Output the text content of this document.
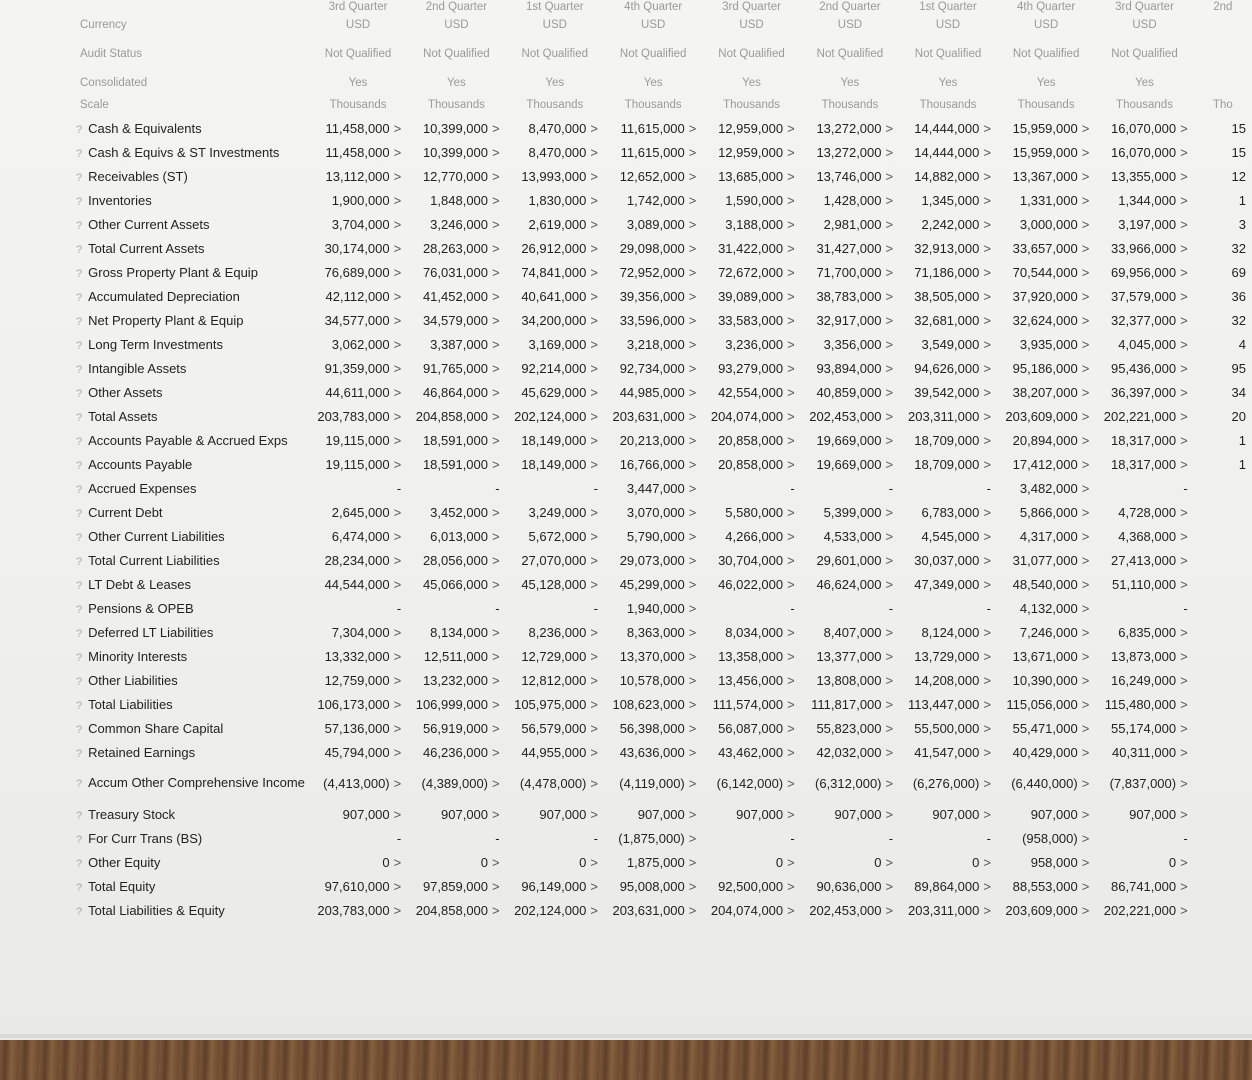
	3rd Quarter	2nd Quarter	1st Quarter	4th Quarter	3rd Quarter	2nd Quarter	1st Quarter	4th Quarter	3rd Quarter	2nd
Currency	USD	USD	USD	USD	USD	USD	USD	USD	USD	
Audit Status	Not Qualified	Not Qualified	Not Qualified	Not Qualified	Not Qualified	Not Qualified	Not Qualified	Not Qualified	Not Qualified	
Consolidated	Yes	Yes	Yes	Yes	Yes	Yes	Yes	Yes	Yes	
Scale	Thousands	Thousands	Thousands	Thousands	Thousands	Thousands	Thousands	Thousands	Thousands	Tho
? Cash & Equivalents	11,458,000 >	10,399,000 >	8,470,000 >	11,615,000 >	12,959,000 >	13,272,000 >	14,444,000 >	15,959,000 >	16,070,000 >	15
? Cash & Equivs & ST Investments	11,458,000 >	10,399,000 >	8,470,000 >	11,615,000 >	12,959,000 >	13,272,000 >	14,444,000 >	15,959,000 >	16,070,000 >	15
? Receivables (ST)	13,112,000 >	12,770,000 >	13,993,000 >	12,652,000 >	13,685,000 >	13,746,000 >	14,882,000 >	13,367,000 >	13,355,000 >	12
? Inventories	1,900,000 >	1,848,000 >	1,830,000 >	1,742,000 >	1,590,000 >	1,428,000 >	1,345,000 >	1,331,000 >	1,344,000 >	1
? Other Current Assets	3,704,000 >	3,246,000 >	2,619,000 >	3,089,000 >	3,188,000 >	2,981,000 >	2,242,000 >	3,000,000 >	3,197,000 >	3
? Total Current Assets	30,174,000 >	28,263,000 >	26,912,000 >	29,098,000 >	31,422,000 >	31,427,000 >	32,913,000 >	33,657,000 >	33,966,000 >	32
? Gross Property Plant & Equip	76,689,000 >	76,031,000 >	74,841,000 >	72,952,000 >	72,672,000 >	71,700,000 >	71,186,000 >	70,544,000 >	69,956,000 >	69
? Accumulated Depreciation	42,112,000 >	41,452,000 >	40,641,000 >	39,356,000 >	39,089,000 >	38,783,000 >	38,505,000 >	37,920,000 >	37,579,000 >	36
? Net Property Plant & Equip	34,577,000 >	34,579,000 >	34,200,000 >	33,596,000 >	33,583,000 >	32,917,000 >	32,681,000 >	32,624,000 >	32,377,000 >	32
? Long Term Investments	3,062,000 >	3,387,000 >	3,169,000 >	3,218,000 >	3,236,000 >	3,356,000 >	3,549,000 >	3,935,000 >	4,045,000 >	4
? Intangible Assets	91,359,000 >	91,765,000 >	92,214,000 >	92,734,000 >	93,279,000 >	93,894,000 >	94,626,000 >	95,186,000 >	95,436,000 >	95
? Other Assets	44,611,000 >	46,864,000 >	45,629,000 >	44,985,000 >	42,554,000 >	40,859,000 >	39,542,000 >	38,207,000 >	36,397,000 >	34
? Total Assets	203,783,000 >	204,858,000 >	202,124,000 >	203,631,000 >	204,074,000 >	202,453,000 >	203,311,000 >	203,609,000 >	202,221,000 >	20
? Accounts Payable & Accrued Exps	19,115,000 >	18,591,000 >	18,149,000 >	20,213,000 >	20,858,000 >	19,669,000 >	18,709,000 >	20,894,000 >	18,317,000 >	1
? Accounts Payable	19,115,000 >	18,591,000 >	18,149,000 >	16,766,000 >	20,858,000 >	19,669,000 >	18,709,000 >	17,412,000 >	18,317,000 >	1
? Accrued Expenses	-	-	-	3,447,000 >	-	-	-	3,482,000 >	-	
? Current Debt	2,645,000 >	3,452,000 >	3,249,000 >	3,070,000 >	5,580,000 >	5,399,000 >	6,783,000 >	5,866,000 >	4,728,000 >	
? Other Current Liabilities	6,474,000 >	6,013,000 >	5,672,000 >	5,790,000 >	4,266,000 >	4,533,000 >	4,545,000 >	4,317,000 >	4,368,000 >	
? Total Current Liabilities	28,234,000 >	28,056,000 >	27,070,000 >	29,073,000 >	30,704,000 >	29,601,000 >	30,037,000 >	31,077,000 >	27,413,000 >	
? LT Debt & Leases	44,544,000 >	45,066,000 >	45,128,000 >	45,299,000 >	46,022,000 >	46,624,000 >	47,349,000 >	48,540,000 >	51,110,000 >	
? Pensions & OPEB	-	-	-	1,940,000 >	-	-	-	4,132,000 >	-	
? Deferred LT Liabilities	7,304,000 >	8,134,000 >	8,236,000 >	8,363,000 >	8,034,000 >	8,407,000 >	8,124,000 >	7,246,000 >	6,835,000 >	
? Minority Interests	13,332,000 >	12,511,000 >	12,729,000 >	13,370,000 >	13,358,000 >	13,377,000 >	13,729,000 >	13,671,000 >	13,873,000 >	
? Other Liabilities	12,759,000 >	13,232,000 >	12,812,000 >	10,578,000 >	13,456,000 >	13,808,000 >	14,208,000 >	10,390,000 >	16,249,000 >	
? Total Liabilities	106,173,000 >	106,999,000 >	105,975,000 >	108,623,000 >	111,574,000 >	111,817,000 >	113,447,000 >	115,056,000 >	115,480,000 >	
? Common Share Capital	57,136,000 >	56,919,000 >	56,579,000 >	56,398,000 >	56,087,000 >	55,823,000 >	55,500,000 >	55,471,000 >	55,174,000 >	
? Retained Earnings	45,794,000 >	46,236,000 >	44,955,000 >	43,636,000 >	43,462,000 >	42,032,000 >	41,547,000 >	40,429,000 >	40,311,000 >	
? Accum Other Comprehensive Income	(4,413,000) >	(4,389,000) >	(4,478,000) >	(4,119,000) >	(6,142,000) >	(6,312,000) >	(6,276,000) >	(6,440,000) >	(7,837,000) >	
? Treasury Stock	907,000 >	907,000 >	907,000 >	907,000 >	907,000 >	907,000 >	907,000 >	907,000 >	907,000 >	
? For Curr Trans (BS)	-	-	-	(1,875,000) >	-	-	-	(958,000) >	-	
? Other Equity	0 >	0 >	0 >	1,875,000 >	0 >	0 >	0 >	958,000 >	0 >	
? Total Equity	97,610,000 >	97,859,000 >	96,149,000 >	95,008,000 >	92,500,000 >	90,636,000 >	89,864,000 >	88,553,000 >	86,741,000 >	
? Total Liabilities & Equity	203,783,000 >	204,858,000 >	202,124,000 >	203,631,000 >	204,074,000 >	202,453,000 >	203,311,000 >	203,609,000 >	202,221,000 >	
